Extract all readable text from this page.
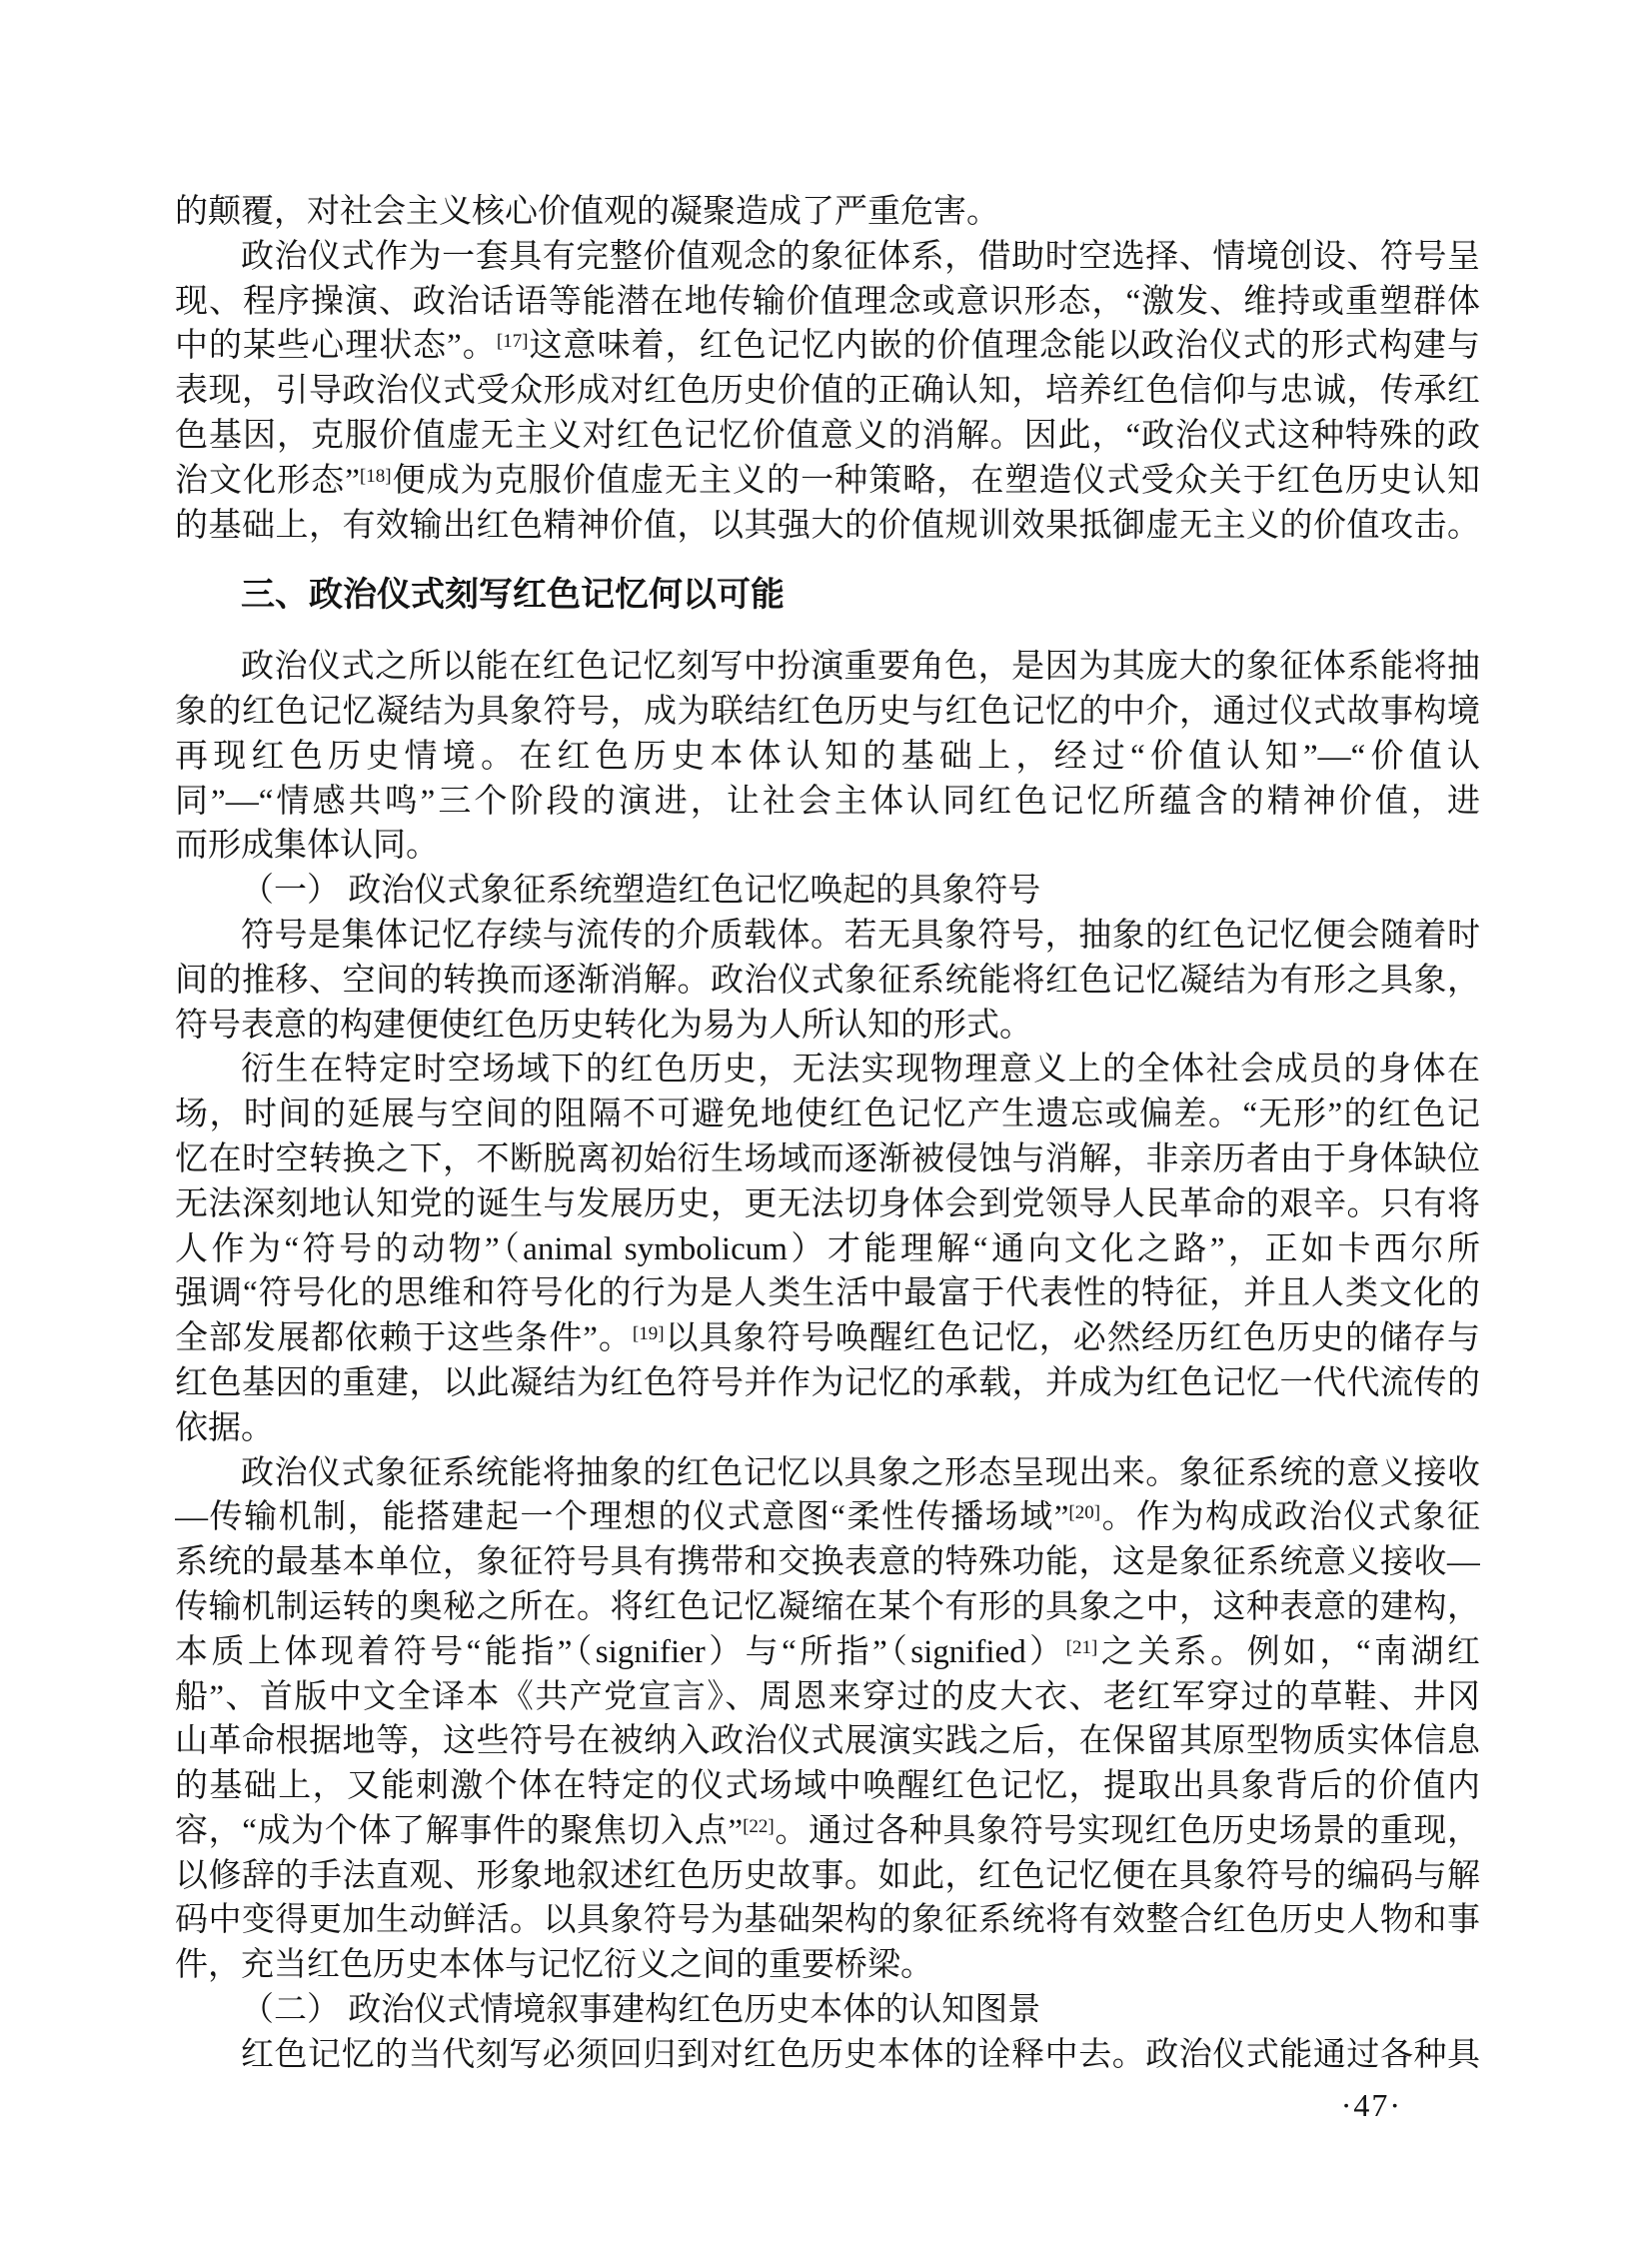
的颠覆，对社会主义核心价值观的凝聚造成了严重危害。
政治仪式作为一套具有完整价值观念的象征体系，借助时空选择、情境创设、符号呈
现、程序操演、政治话语等能潜在地传输价值理念或意识形态，“激发、维持或重塑群体
中的某些心理状态”。[17]这意味着，红色记忆内嵌的价值理念能以政治仪式的形式构建与
表现，引导政治仪式受众形成对红色历史价值的正确认知，培养红色信仰与忠诚，传承红
色基因，克服价值虚无主义对红色记忆价值意义的消解。因此，“政治仪式这种特殊的政
治文化形态”[18]便成为克服价值虚无主义的一种策略，在塑造仪式受众关于红色历史认知
的基础上，有效输出红色精神价值，以其强大的价值规训效果抵御虚无主义的价值攻击。
三、政治仪式刻写红色记忆何以可能
政治仪式之所以能在红色记忆刻写中扮演重要角色，是因为其庞大的象征体系能将抽
象的红色记忆凝结为具象符号，成为联结红色历史与红色记忆的中介，通过仪式故事构境
再现红色历史情境。在红色历史本体认知的基础上，经过“价值认知”—“价值认
同”—“情感共鸣”三个阶段的演进，让社会主体认同红色记忆所蕴含的精神价值，进
而形成集体认同。
（一） 政治仪式象征系统塑造红色记忆唤起的具象符号
符号是集体记忆存续与流传的介质载体。若无具象符号，抽象的红色记忆便会随着时
间的推移、空间的转换而逐渐消解。政治仪式象征系统能将红色记忆凝结为有形之具象，
符号表意的构建便使红色历史转化为易为人所认知的形式。
衍生在特定时空场域下的红色历史，无法实现物理意义上的全体社会成员的身体在
场，时间的延展与空间的阻隔不可避免地使红色记忆产生遗忘或偏差。“无形”的红色记
忆在时空转换之下，不断脱离初始衍生场域而逐渐被侵蚀与消解，非亲历者由于身体缺位
无法深刻地认知党的诞生与发展历史，更无法切身体会到党领导人民革命的艰辛。只有将
人作为“符号的动物”（animal symbolicum）才能理解“通向文化之路”，正如卡西尔所
强调“符号化的思维和符号化的行为是人类生活中最富于代表性的特征，并且人类文化的
全部发展都依赖于这些条件”。[19]以具象符号唤醒红色记忆，必然经历红色历史的储存与
红色基因的重建，以此凝结为红色符号并作为记忆的承载，并成为红色记忆一代代流传的
依据。
政治仪式象征系统能将抽象的红色记忆以具象之形态呈现出来。象征系统的意义接收
—传输机制，能搭建起一个理想的仪式意图“柔性传播场域”[20]。作为构成政治仪式象征
系统的最基本单位，象征符号具有携带和交换表意的特殊功能，这是象征系统意义接收—
传输机制运转的奥秘之所在。将红色记忆凝缩在某个有形的具象之中，这种表意的建构，
本质上体现着符号“能指”（signifier）与“所指”（signified）[21]之关系。例如，“南湖红
船”、首版中文全译本《共产党宣言》、周恩来穿过的皮大衣、老红军穿过的草鞋、井冈
山革命根据地等，这些符号在被纳入政治仪式展演实践之后，在保留其原型物质实体信息
的基础上，又能刺激个体在特定的仪式场域中唤醒红色记忆，提取出具象背后的价值内
容，“成为个体了解事件的聚焦切入点”[22]。通过各种具象符号实现红色历史场景的重现，
以修辞的手法直观、形象地叙述红色历史故事。如此，红色记忆便在具象符号的编码与解
码中变得更加生动鲜活。以具象符号为基础架构的象征系统将有效整合红色历史人物和事
件，充当红色历史本体与记忆衍义之间的重要桥梁。
（二） 政治仪式情境叙事建构红色历史本体的认知图景
红色记忆的当代刻写必须回归到对红色历史本体的诠释中去。政治仪式能通过各种具
·47·
